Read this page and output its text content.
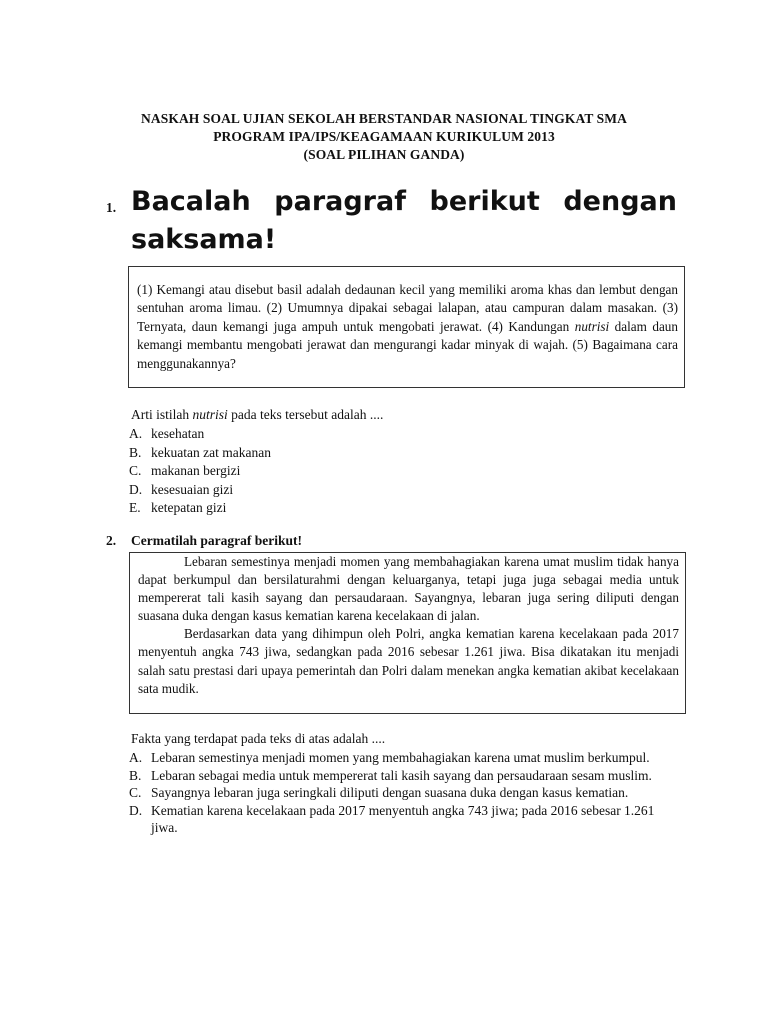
NASKAH SOAL UJIAN SEKOLAH BERSTANDAR NASIONAL TINGKAT SMA
PROGRAM IPA/IPS/KEAGAMAAN KURIKULUM 2013
(SOAL PILIHAN GANDA)
1. Bacalah paragraf berikut dengan
saksama!
(1) Kemangi atau disebut basil adalah dedaunan kecil yang memiliki aroma khas dan lembut dengan sentuhan aroma limau. (2) Umumnya dipakai sebagai lalapan, atau campuran dalam masakan. (3) Ternyata, daun kemangi juga ampuh untuk mengobati jerawat. (4) Kandungan nutrisi dalam daun kemangi membantu mengobati jerawat dan mengurangi kadar minyak di wajah. (5) Bagaimana cara menggunakannya?
Arti istilah nutrisi pada teks tersebut adalah ....
A. kesehatan
B. kekuatan zat makanan
C. makanan bergizi
D. kesesuaian gizi
E. ketepatan gizi
2. Cermatilah paragraf berikut!

Lebaran semestinya menjadi momen yang membahagiakan karena umat muslim tidak hanya dapat berkumpul dan bersilaturahmi dengan keluarganya, tetapi juga juga sebagai media untuk mempererat tali kasih sayang dan persaudaraan. Sayangnya, lebaran juga sering diliputi dengan suasana duka dengan kasus kematian karena kecelakaan di jalan.

Berdasarkan data yang dihimpun oleh Polri, angka kematian karena kecelakaan pada 2017 menyentuh angka 743 jiwa, sedangkan pada 2016 sebesar 1.261 jiwa. Bisa dikatakan itu menjadi salah satu prestasi dari upaya pemerintah dan Polri dalam menekan angka kematian akibat kecelakaan sata mudik.

Fakta yang terdapat pada teks di atas adalah ....
A. Lebaran semestinya menjadi momen yang membahagiakan karena umat muslim berkumpul.
B. Lebaran sebagai media untuk mempererat tali kasih sayang dan persaudaraan sesam muslim.
C. Sayangnya lebaran juga seringkali diliputi dengan suasana duka dengan kasus kematian.
D. Kematian karena kecelakaan pada 2017 menyentuh angka 743 jiwa; pada 2016 sebesar 1.261 jiwa.
